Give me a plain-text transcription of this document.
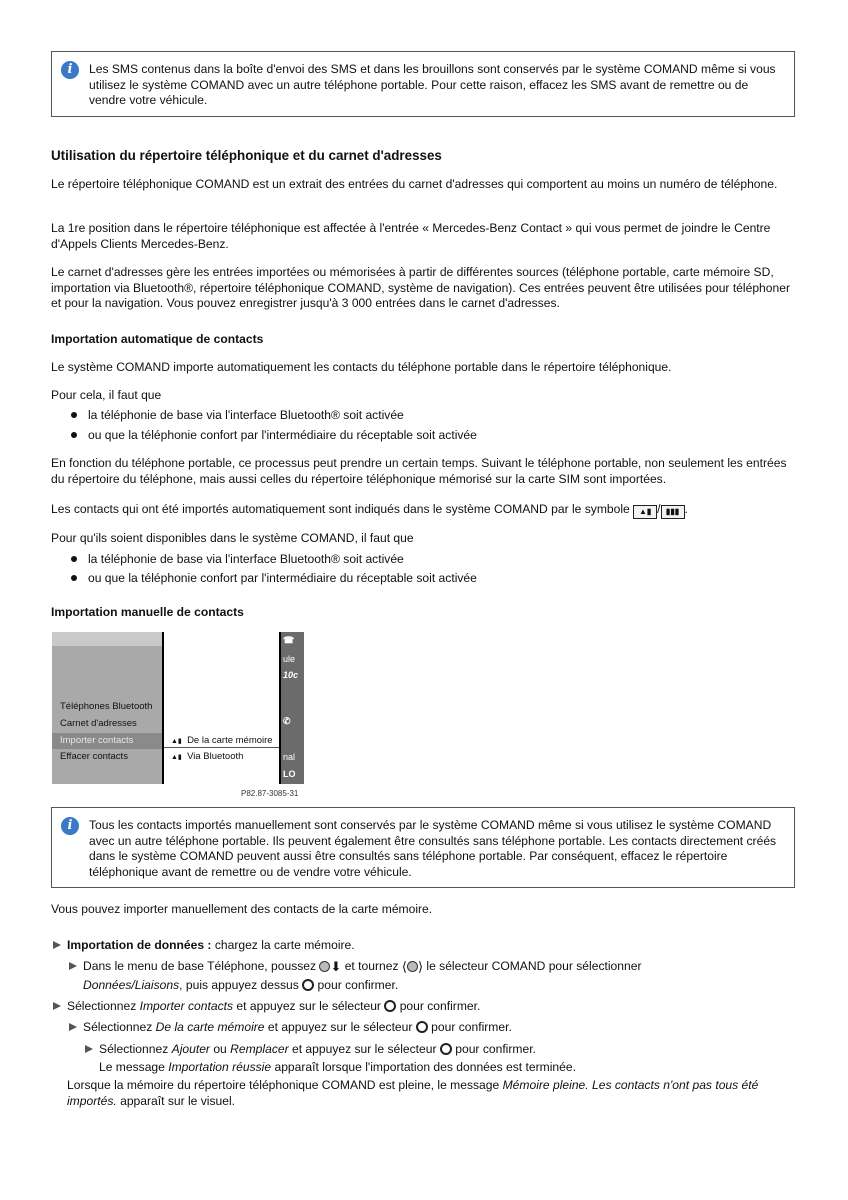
i	Les SMS contenus dans la boîte d'envoi des SMS et dans les brouillons sont conservés par le système COMAND même si vous utilisez le système COMAND avec un autre téléphone portable. Pour cette raison, effacez les SMS avant de remettre ou de vendre votre véhicule.

Utilisation du répertoire téléphonique et du carnet d'adresses

Le répertoire téléphonique COMAND est un extrait des entrées du carnet d'adresses qui comportent au moins un numéro de téléphone.

La 1re position dans le répertoire téléphonique est affectée à l'entrée « Mercedes-Benz Contact » qui vous permet de joindre le Centre d'Appels Clients Mercedes-Benz.

Le carnet d'adresses gère les entrées importées ou mémorisées à partir de différentes sources (téléphone portable, carte mémoire SD, importation via Bluetooth®, répertoire téléphonique COMAND, système de navigation). Ces entrées peuvent être utilisées pour téléphoner et pour la navigation. Vous pouvez enregistrer jusqu'à 3 000 entrées dans le carnet d'adresses.

Importation automatique de contacts

Le système COMAND importe automatiquement les contacts du téléphone portable dans le répertoire téléphonique.

Pour cela, il faut que

la téléphonie de base via l'interface Bluetooth® soit activée

ou que la téléphonie confort par l'intermédiaire du réceptable soit activée

En fonction du téléphone portable, ce processus peut prendre un certain temps. Suivant le téléphone portable, non seulement les entrées du répertoire du téléphone, mais aussi celles du répertoire téléphonique mémorisé sur la carte SIM sont importées.

Les contacts qui ont été importés automatiquement sont indiqués dans le système COMAND par le symbole ▲▮ / ▮▮▮ .

Pour qu'ils soient disponibles dans le système COMAND, il faut que

la téléphonie de base via l'interface Bluetooth® soit activée

ou que la téléphonie confort par l'intermédiaire du réceptable soit activée

Importation manuelle de contacts
Téléphones Bluetooth
Carnet d'adresses
Importer contacts
Effacer contacts
▲▮ De la carte mémoire
▲▮ Via Bluetooth
☎
ule
10c
✆
nal
LO
P82.87-3085-31
i	Tous les contacts importés manuellement sont conservés par le système COMAND même si vous utilisez le système COMAND avec un autre téléphone portable. Ils peuvent également être consultés sans téléphone portable. Les contacts directement créés dans le système COMAND peuvent aussi être consultés sans téléphone portable. Par conséquent, effacez le répertoire téléphonique avant de remettre ou de vendre votre véhicule.

Vous pouvez importer manuellement des contacts de la carte mémoire.

Importation de données : chargez la carte mémoire.

Dans le menu de base Téléphone, poussez ⬇ et tournez ⟨ ⟩ le sélecteur COMAND pour sélectionner

Données/Liaisons, puis appuyez dessus  pour confirmer.

Sélectionnez Importer contacts et appuyez sur le sélecteur  pour confirmer.

Sélectionnez De la carte mémoire et appuyez sur le sélecteur  pour confirmer.

Sélectionnez Ajouter ou Remplacer et appuyez sur le sélecteur  pour confirmer.

Le message Importation réussie apparaît lorsque l'importation des données est terminée.

Lorsque la mémoire du répertoire téléphonique COMAND est pleine, le message Mémoire pleine. Les contacts n'ont pas tous été importés. apparaît sur le visuel.
